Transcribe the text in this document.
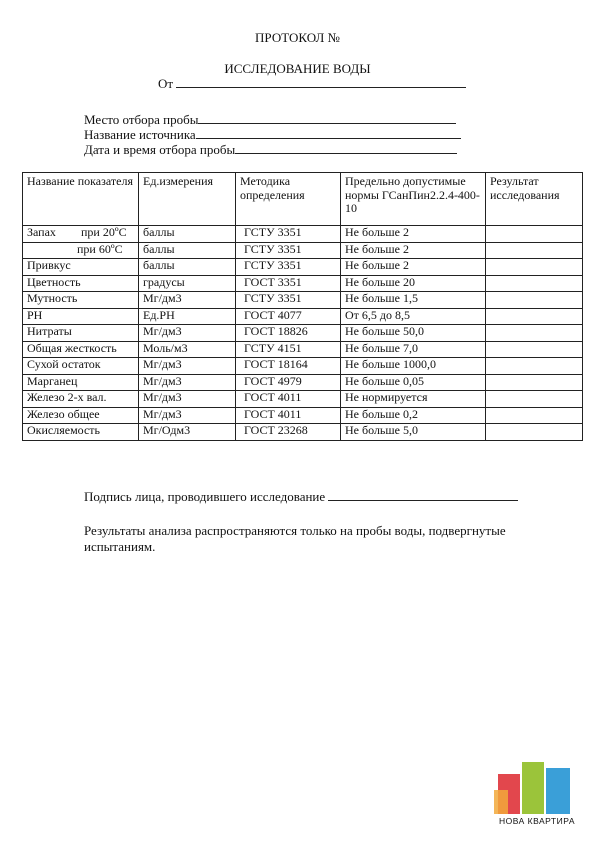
ПРОТОКОЛ №
ИССЛЕДОВАНИЕ ВОДЫ
От
Место отбора пробы
Название источника
Дата и время отбора пробы
Название показателя	Ед.измерения	Методика определения	Предельно допустимые нормы ГСанПин2.2.4-400-10	Результат исследования
Запах при 20ºС	баллы	ГСТУ 3351	Не больше 2	
при 60ºС	баллы	ГСТУ 3351	Не больше 2	
Привкус	баллы	ГСТУ 3351	Не больше 2	
Цветность	градусы	ГОСТ 3351	Не больше 20	
Мутность	Мг/дм3	ГСТУ 3351	Не больше 1,5	
PH	Ед.PH	ГОСТ 4077	От 6,5 до 8,5	
Нитраты	Мг/дм3	ГОСТ 18826	Не больше 50,0	
Общая жесткость	Моль/м3	ГСТУ 4151	Не больше 7,0	
Сухой остаток	Мг/дм3	ГОСТ 18164	Не больше 1000,0	
Марганец	Мг/дм3	ГОСТ 4979	Не больше 0,05	
Железо 2-х вал.	Мг/дм3	ГОСТ 4011	Не нормируется	
Железо общее	Мг/дм3	ГОСТ 4011	Не больше 0,2	
Окисляемость	Мг/Одм3	ГОСТ 23268	Не больше 5,0	
Подпись лица, проводившего исследование
Результаты анализа распространяются только на пробы воды, подвергнутые испытаниям.
НОВА КВАРТИРА
